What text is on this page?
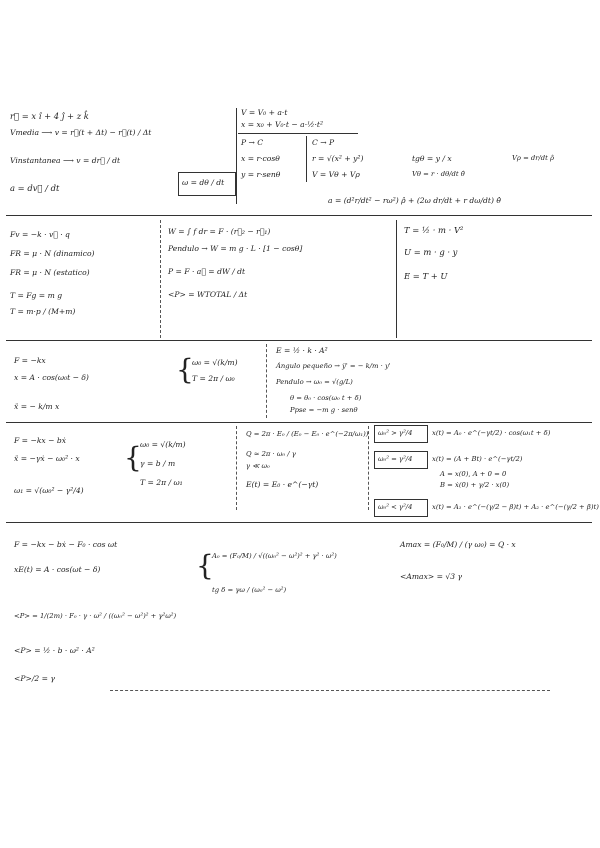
r⃗ = x î + 4 ĵ + z k̂
Vmedia ⟶ v = r⃗(t + Δt) − r⃗(t) / Δt
Vinstantanea ⟶ v = dr⃗ / dt
a = dv⃗ / dt
ω = dθ / dt
V = V₀ + a·t
x = x₀ + V₀·t − a·½·t²
P → C
x = r·cosθ
y = r·senθ
C → P
r = √(x² + y²)
V = Vθ + Vρ
tgθ = y / x
Vθ = r · dθ/dt θ̂
Vρ = dr/dt ρ̂
a = (d²r/dt² − rω²) ρ̂ + (2ω dr/dt + r dω/dt) θ̂
Fv = −k · v⃗ · q
FR = μ · N (dinamico)
FR = μ · N (estatico)
T = Fg = m g
T = m·p / (M+m)
W = ∫ f dr = F · (r⃗₂ − r⃗₁)
Pendulo → W = m g · L · [1 − cosθ]
P = F · a⃗ = dW / dt
<P> = WTOTAL / Δt
T = ½ · m · V²
U = m · g · y
E = T + U
F = −kx
x = A · cos(ω₀t − δ)
ẍ = − k/m x
{
ω₀ = √(k/m)
T = 2π / ω₀
E = ½ · k · A²
Ángulo pequeño → ÿ' = − k/m · y'
Pendulo → ω₀ = √(g/L)
θ = θ₀ · cos(ω₀ t + δ)
Ppse = −m g · senθ
F = −kx − bẋ
ẍ = −γẋ − ω₀² · x
ω₁ = √(ω₀² − γ²/4)
{
ω₀ = √(k/m)
γ = b / m
T = 2π / ω₁
Q = 2π · E₀ / (E₀ − E₀ · e^(−2π/ω₁))
Q ≈ 2π · ω₀ / γ
γ ≪ ω₀
E(t) = E₀ · e^(−γt)
ω₀² > γ²/4	x(t) = A₀ · e^(−γt/2) · cos(ω₁t + δ)
ω₀² = γ²/4	x(t) = (A + Bt) · e^(−γt/2)
A = x(0), A + 0 = 0
B = ẋ(0) + γ/2 · x(0)
ω₀² < γ²/4	x(t) = A₁ · e^(−(γ/2 − β)t) + A₂ · e^(−(γ/2 + β)t)
F = −kx − bẋ − F₀ · cos ωt
xE(t) = A · cos(ωt − δ)	{
A₀ = (F₀/M) / √((ω₀² − ω²)² + γ² · ω²)
tg δ = γω / (ω₀² − ω²)
Amax = (F₀/M) / (γ ω₀) = Q · x
<Amax> = √3 γ
<P> = 1/(2m) · F₀ · γ · ω² / ((ω₀² − ω²)² + γ²ω²)
<P> = ½ · b · ω² · A²
<P>/2 = γ
